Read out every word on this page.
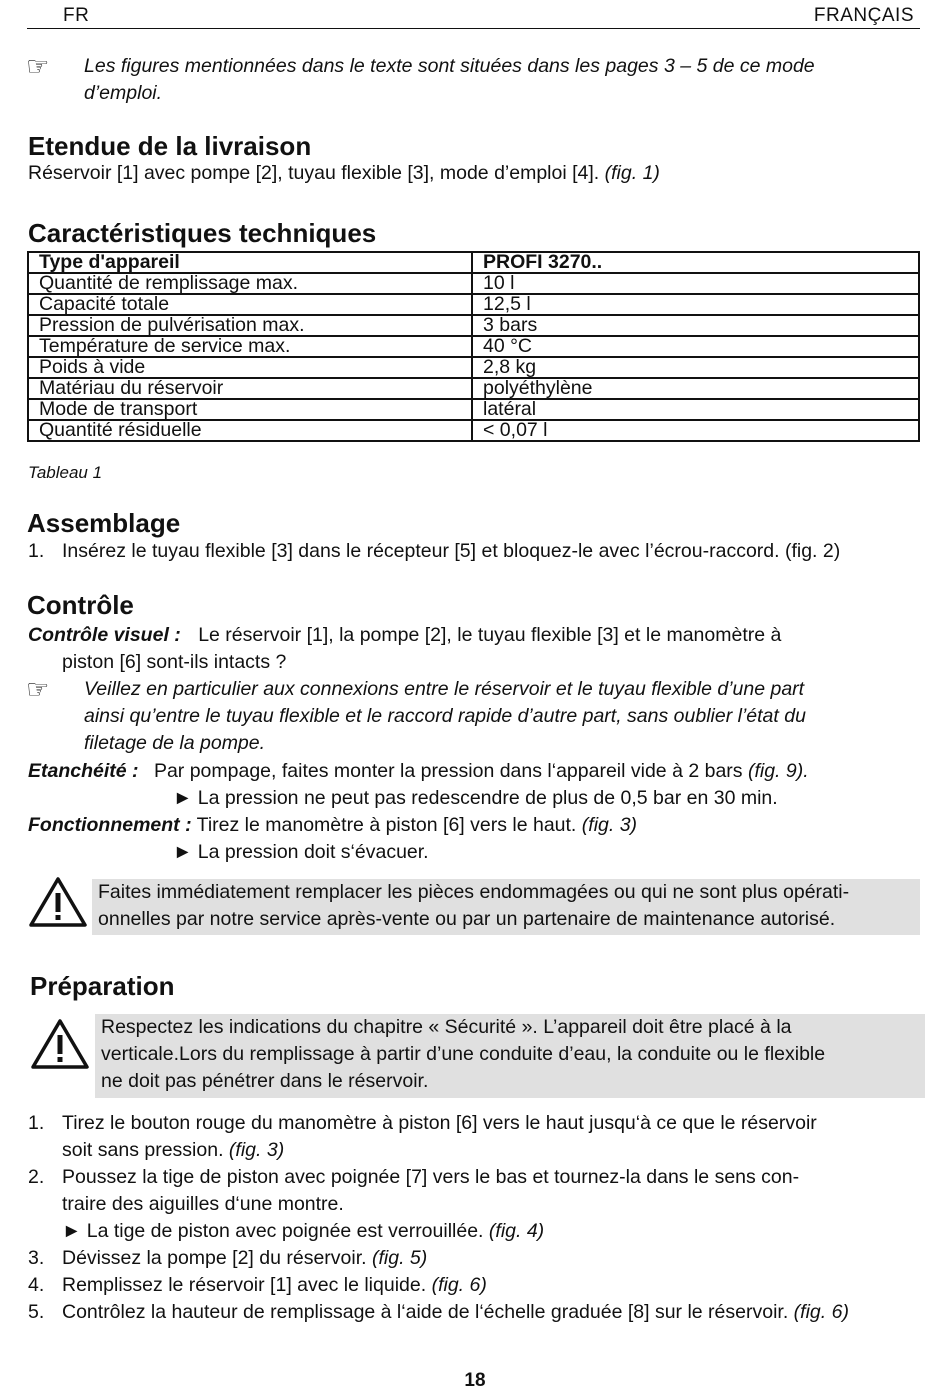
FR	FRANÇAIS
☞ Les figures mentionnées dans le texte sont situées dans les pages 3 – 5 de ce mode
d’emploi.
Etendue de la livraison
Réservoir [1] avec pompe [2], tuyau flexible [3], mode d’emploi [4]. (fig. 1)
Caractéristiques techniques
Type d'appareil	PROFI 3270..
Quantité de remplissage max.	10 l
Capacité totale	12,5 l
Pression de pulvérisation max.	3 bars
Température de service max.	40 °C
Poids à vide	2,8 kg
Matériau du réservoir	polyéthylène
Mode de transport	latéral
Quantité résiduelle	< 0,07 l
Tableau 1
Assemblage
1. Insérez le tuyau flexible [3] dans le récepteur [5] et bloquez-le avec l’écrou-raccord. (fig. 2)
Contrôle
Contrôle visuel : Le réservoir [1], la pompe [2], le tuyau flexible [3] et le manomètre à
piston [6] sont-ils intacts ?
☞ Veillez en particulier aux connexions entre le réservoir et le tuyau flexible d’une part
ainsi qu’entre le tuyau flexible et le raccord rapide d’autre part, sans oublier l’état du
filetage de la pompe.
Etanchéité : Par pompage, faites monter la pression dans l‘appareil vide à 2 bars (fig. 9).
► La pression ne peut pas redescendre de plus de 0,5 bar en 30 min.
Fonctionnement : Tirez le manomètre à piston [6] vers le haut. (fig. 3)
► La pression doit s‘évacuer.
Faites immédiatement remplacer les pièces endommagées ou qui ne sont plus opérati-
onnelles par notre service après-vente ou par un partenaire de maintenance autorisé.
Préparation
Respectez les indications du chapitre « Sécurité ». L’appareil doit être placé à la
verticale.Lors du remplissage à partir d’une conduite d’eau, la conduite ou le flexible
ne doit pas pénétrer dans le réservoir.
1. Tirez le bouton rouge du manomètre à piston [6] vers le haut jusqu‘à ce que le réservoir
soit sans pression. (fig. 3)
2. Poussez la tige de piston avec poignée [7] vers le bas et tournez-la dans le sens con-
traire des aiguilles d‘une montre.
► La tige de piston avec poignée est verrouillée. (fig. 4)
3. Dévissez la pompe [2] du réservoir. (fig. 5)
4. Remplissez le réservoir [1] avec le liquide. (fig. 6)
5. Contrôlez la hauteur de remplissage à l‘aide de l‘échelle graduée [8] sur le réservoir. (fig. 6)
18
